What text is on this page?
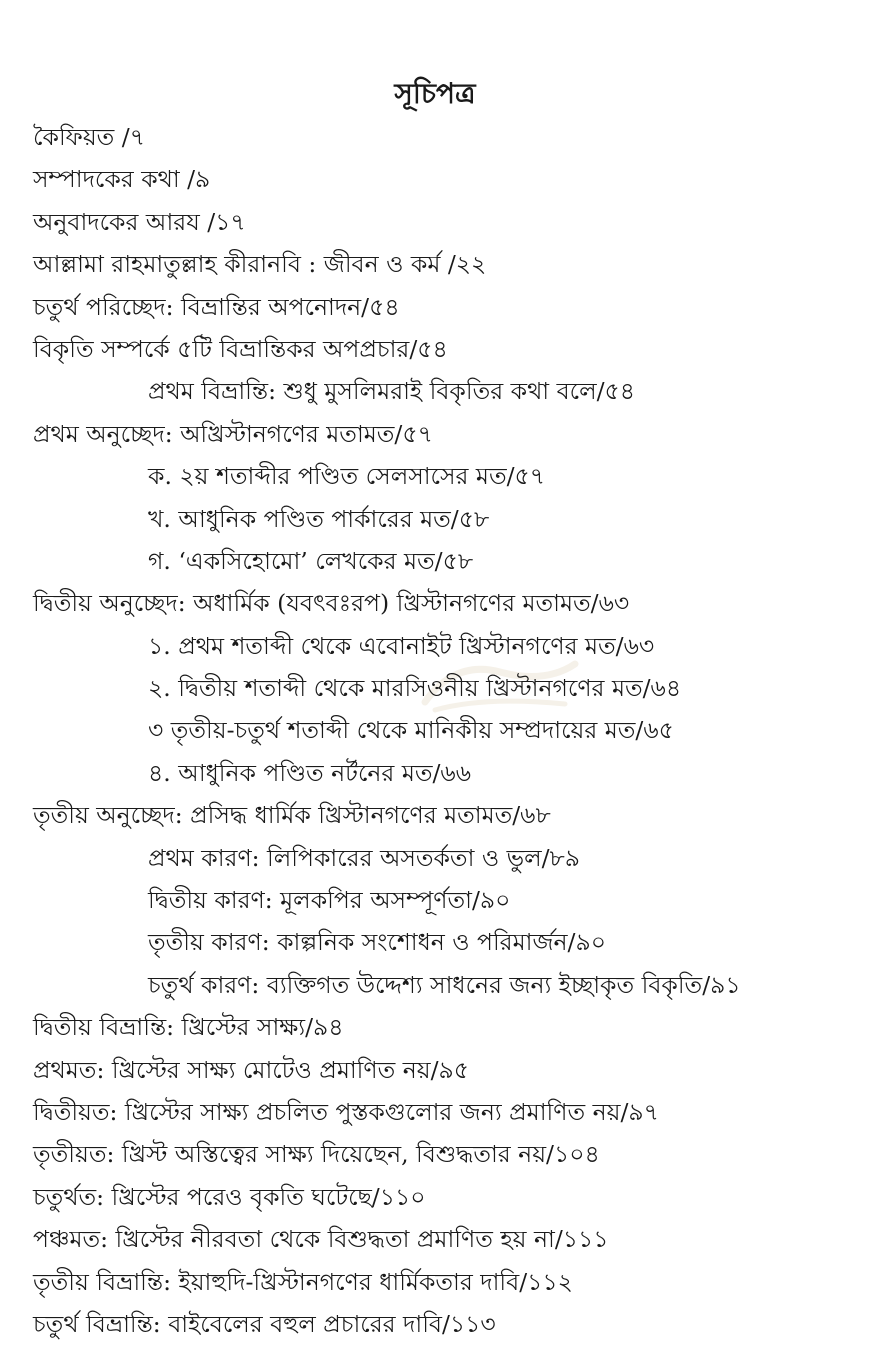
সূচিপত্র
কৈফিয়ত /৭
সম্পাদকের কথা /৯
অনুবাদকের আরয /১৭
আল্লামা রাহমাতুল্লাহ কীরানবি : জীবন ও কর্ম /২২
চতুর্থ পরিচ্ছেদ: বিভ্রান্তির অপনোদন/৫৪
বিকৃতি সম্পর্কে ৫টি বিভ্রান্তিকর অপপ্রচার/৫৪
প্রথম বিভ্রান্তি: শুধু মুসলিমরাই বিকৃতির কথা বলে/৫৪
প্রথম অনুচ্ছেদ: অখ্রিস্টানগণের মতামত/৫৭
ক. ২য় শতাব্দীর পণ্ডিত সেলসাসের মত/৫৭
খ. আধুনিক পণ্ডিত পার্কারের মত/৫৮
গ. ‘একসিহোমো’ লেখকের মত/৫৮
দ্বিতীয় অনুচ্ছেদ: অধার্মিক (যবৎবঃরপ) খ্রিস্টানগণের মতামত/৬৩
১. প্রথম শতাব্দী থেকে এবোনাইট খ্রিস্টানগণের মত/৬৩
২. দ্বিতীয় শতাব্দী থেকে মারসিওনীয় খ্রিস্টানগণের মত/৬৪
৩ তৃতীয়-চতুর্থ শতাব্দী থেকে মানিকীয় সম্প্রদায়ের মত/৬৫
৪. আধুনিক পণ্ডিত নর্টনের মত/৬৬
তৃতীয় অনুচ্ছেদ: প্রসিদ্ধ ধার্মিক খ্রিস্টানগণের মতামত/৬৮
প্রথম কারণ: লিপিকারের অসতর্কতা ও ভুল/৮৯
দ্বিতীয় কারণ: মূলকপির অসম্পূর্ণতা/৯০
তৃতীয় কারণ: কাল্পনিক সংশোধন ও পরিমার্জন/৯০
চতুর্থ কারণ: ব্যক্তিগত উদ্দেশ্য সাধনের জন্য ইচ্ছাকৃত বিকৃতি/৯১
দ্বিতীয় বিভ্রান্তি: খ্রিস্টের সাক্ষ্য/৯৪
প্রথমত: খ্রিস্টের সাক্ষ্য মোটেও প্রমাণিত নয়/৯৫
দ্বিতীয়ত: খ্রিস্টের সাক্ষ্য প্রচলিত পুস্তকগুলোর জন্য প্রমাণিত নয়/৯৭
তৃতীয়ত: খ্রিস্ট অস্তিত্বের সাক্ষ্য দিয়েছেন, বিশুদ্ধতার নয়/১০৪
চতুর্থত: খ্রিস্টের পরেও বৃকতি ঘটেছে/১১০
পঞ্চমত: খ্রিস্টের নীরবতা থেকে বিশুদ্ধতা প্রমাণিত হয় না/১১১
তৃতীয় বিভ্রান্তি: ইয়াহুদি-খ্রিস্টানগণের ধার্মিকতার দাবি/১১২
চতুর্থ বিভ্রান্তি: বাইবেলের বহুল প্রচারের দাবি/১১৩
